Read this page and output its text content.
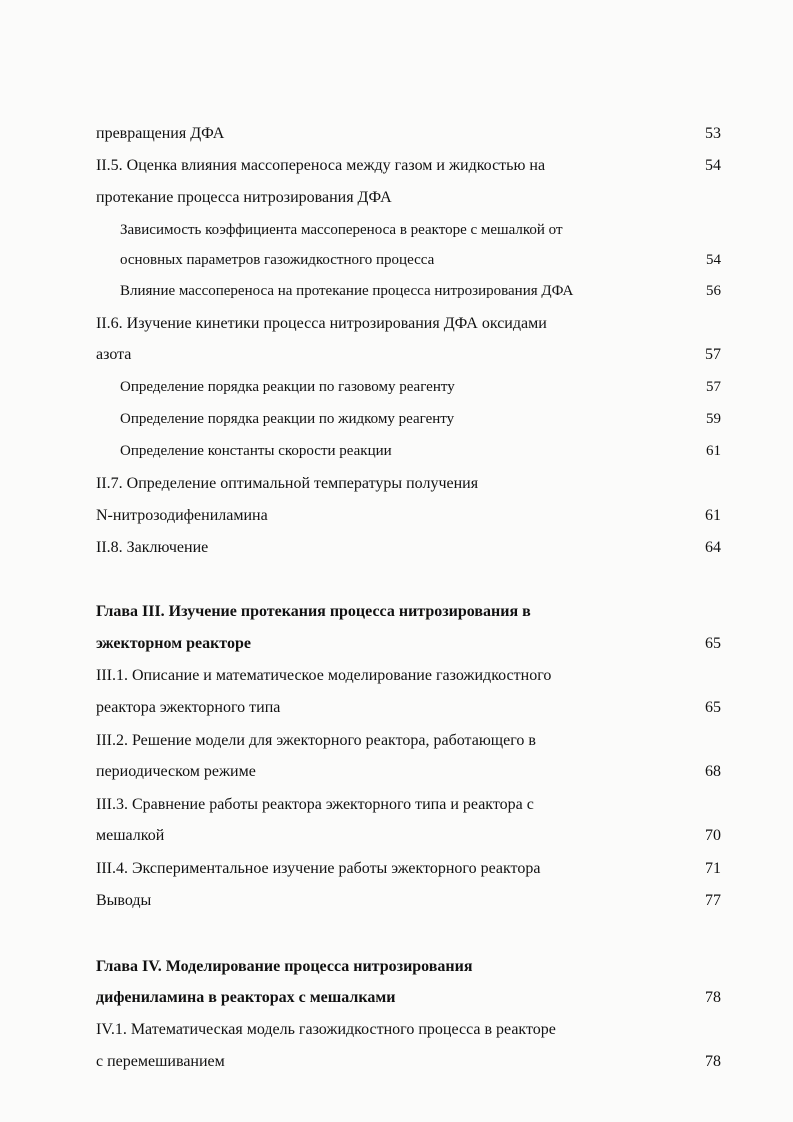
превращения ДФА	53
II.5. Оценка влияния массопереноса между газом и жидкостью на	54
протекание процесса нитрозирования ДФА
Зависимость коэффициента массопереноса в реакторе с мешалкой от
основных параметров газожидкостного процесса	54
Влияние массопереноса на протекание процесса нитрозирования ДФА	56
II.6. Изучение кинетики процесса нитрозирования ДФА оксидами
азота	57
Определение порядка реакции по газовому реагенту	57
Определение порядка реакции по жидкому реагенту	59
Определение константы скорости реакции	61
II.7. Определение оптимальной температуры получения
N-нитрозодифениламина	61
II.8. Заключение	64
Глава III. Изучение протекания процесса нитрозирования в
эжекторном реакторе	65
III.1. Описание и математическое моделирование газожидкостного
реактора эжекторного типа	65
III.2. Решение модели для эжекторного реактора, работающего в
периодическом режиме	68
III.3. Сравнение работы реактора эжекторного типа и реактора с
мешалкой	70
III.4. Экспериментальное изучение работы эжекторного реактора	71
Выводы	77
Глава IV. Моделирование процесса нитрозирования
дифениламина в реакторах с мешалками	78
IV.1. Математическая модель газожидкостного процесса в реакторе
с перемешиванием	78
